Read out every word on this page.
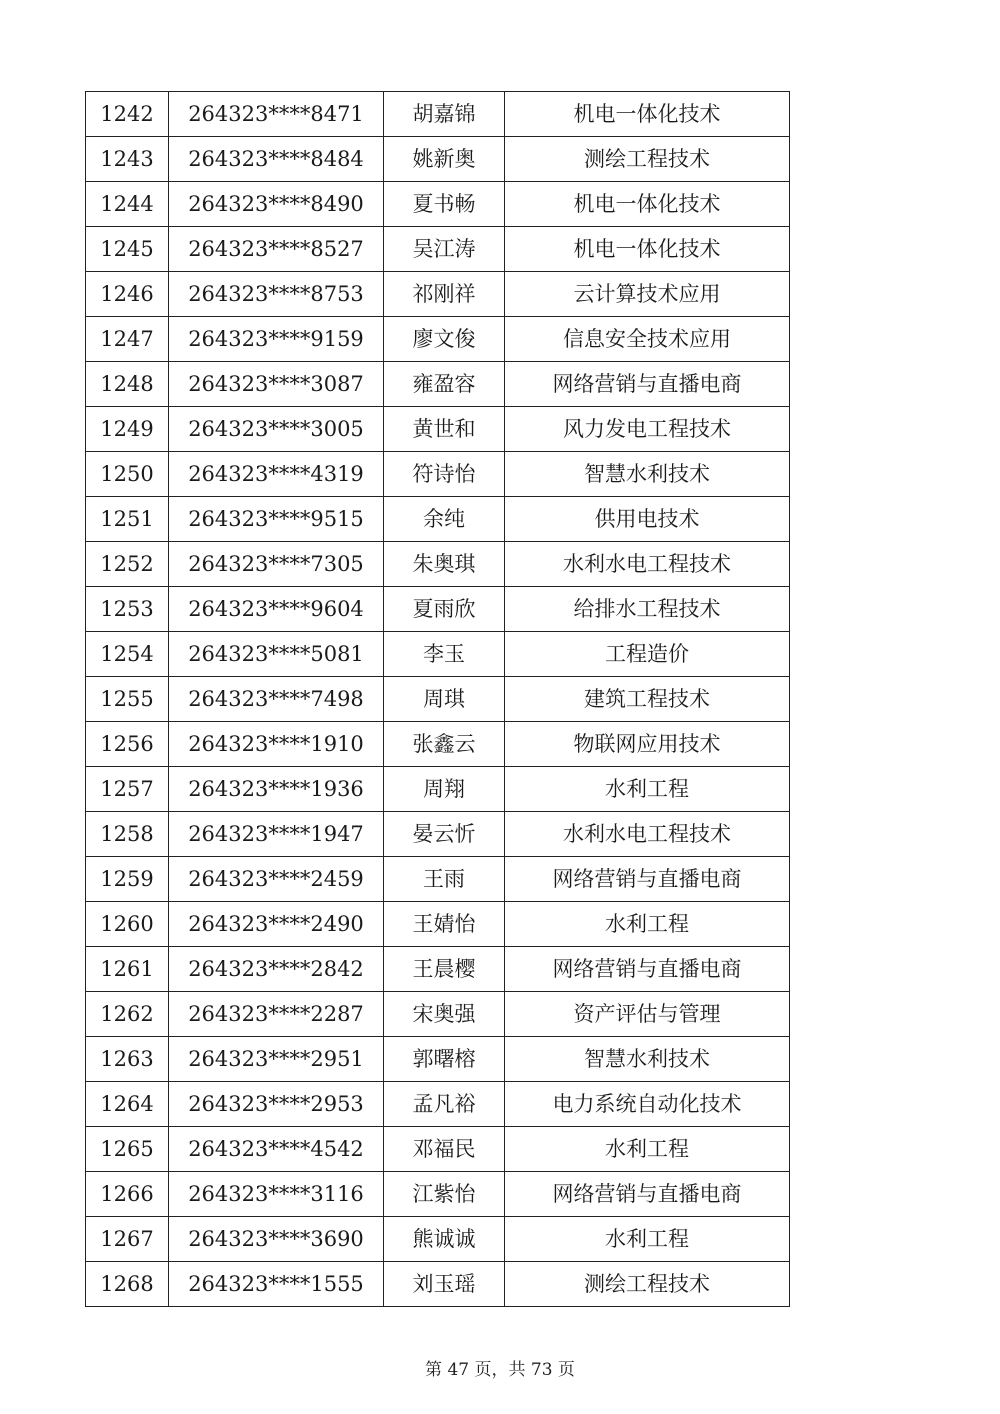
1242	264323****8471	胡嘉锦	机电一体化技术
1243	264323****8484	姚新奥	测绘工程技术
1244	264323****8490	夏书畅	机电一体化技术
1245	264323****8527	吴江涛	机电一体化技术
1246	264323****8753	祁刚祥	云计算技术应用
1247	264323****9159	廖文俊	信息安全技术应用
1248	264323****3087	雍盈容	网络营销与直播电商
1249	264323****3005	黄世和	风力发电工程技术
1250	264323****4319	符诗怡	智慧水利技术
1251	264323****9515	余纯	供用电技术
1252	264323****7305	朱奥琪	水利水电工程技术
1253	264323****9604	夏雨欣	给排水工程技术
1254	264323****5081	李玉	工程造价
1255	264323****7498	周琪	建筑工程技术
1256	264323****1910	张鑫云	物联网应用技术
1257	264323****1936	周翔	水利工程
1258	264323****1947	晏云忻	水利水电工程技术
1259	264323****2459	王雨	网络营销与直播电商
1260	264323****2490	王婧怡	水利工程
1261	264323****2842	王晨樱	网络营销与直播电商
1262	264323****2287	宋奥强	资产评估与管理
1263	264323****2951	郭曙榕	智慧水利技术
1264	264323****2953	孟凡裕	电力系统自动化技术
1265	264323****4542	邓福民	水利工程
1266	264323****3116	江紫怡	网络营销与直播电商
1267	264323****3690	熊诚诚	水利工程
1268	264323****1555	刘玉瑶	测绘工程技术
第 47 页，共 73 页
